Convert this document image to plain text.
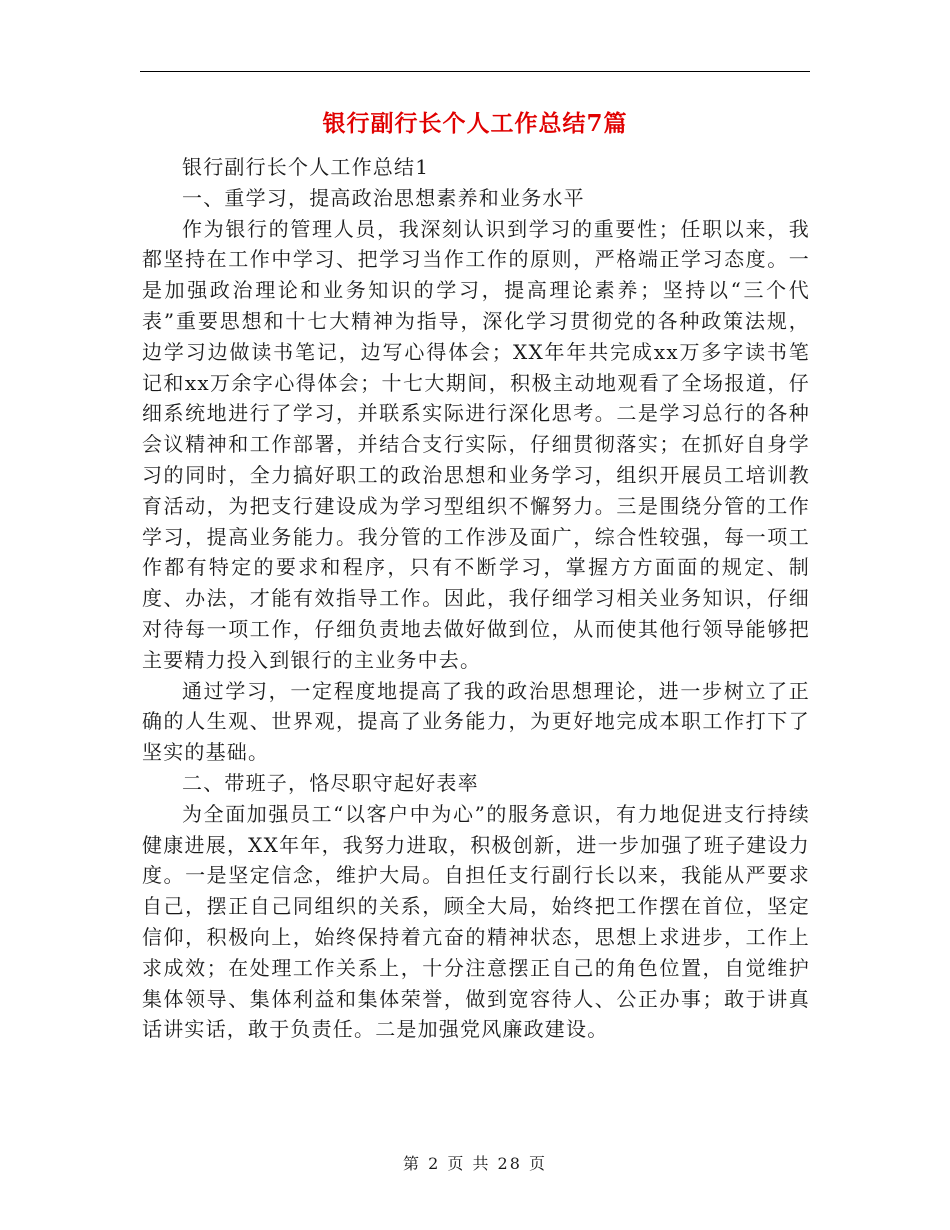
银行副行长个人工作总结7篇

银行副行长个人工作总结1

一、重学习，提高政治思想素养和业务水平

作为银行的管理人员，我深刻认识到学习的重要性；任职以来，我都坚持在工作中学习、把学习当作工作的原则，严格端正学习态度。一是加强政治理论和业务知识的学习，提高理论素养；坚持以“三个代表”重要思想和十七大精神为指导，深化学习贯彻党的各种政策法规，边学习边做读书笔记，边写心得体会；XX年年共完成xx万多字读书笔记和xx万余字心得体会；十七大期间，积极主动地观看了全场报道，仔细系统地进行了学习，并联系实际进行深化思考。二是学习总行的各种会议精神和工作部署，并结合支行实际，仔细贯彻落实；在抓好自身学习的同时，全力搞好职工的政治思想和业务学习，组织开展员工培训教育活动，为把支行建设成为学习型组织不懈努力。三是围绕分管的工作学习，提高业务能力。我分管的工作涉及面广，综合性较强，每一项工作都有特定的要求和程序，只有不断学习，掌握方方面面的规定、制度、办法，才能有效指导工作。因此，我仔细学习相关业务知识，仔细对待每一项工作，仔细负责地去做好做到位，从而使其他行领导能够把主要精力投入到银行的主业务中去。

通过学习，一定程度地提高了我的政治思想理论，进一步树立了正确的人生观、世界观，提高了业务能力，为更好地完成本职工作打下了坚实的基础。

二、带班子，恪尽职守起好表率

为全面加强员工“以客户中为心”的服务意识，有力地促进支行持续健康进展，XX年年，我努力进取，积极创新，进一步加强了班子建设力度。一是坚定信念，维护大局。自担任支行副行长以来，我能从严要求自己，摆正自己同组织的关系，顾全大局，始终把工作摆在首位，坚定信仰，积极向上，始终保持着亢奋的精神状态，思想上求进步，工作上求成效；在处理工作关系上，十分注意摆正自己的角色位置，自觉维护集体领导、集体利益和集体荣誉，做到宽容待人、公正办事；敢于讲真话讲实话，敢于负责任。二是加强党风廉政建设。

第 2 页 共 28 页
